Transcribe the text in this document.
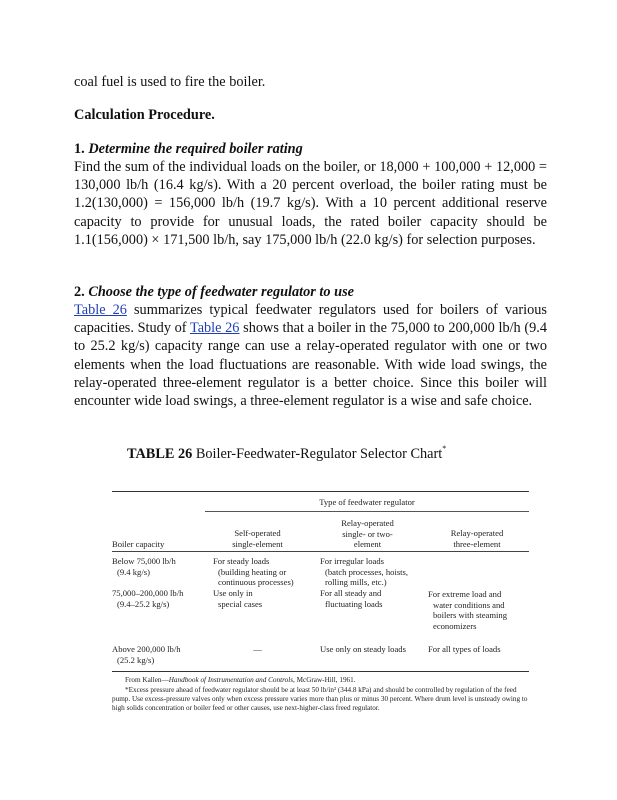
coal fuel is used to fire the boiler.

Calculation Procedure.

1. Determine the required boiler rating

Find the sum of the individual loads on the boiler, or 18,000 + 100,000 + 12,000 = 130,000 lb/h (16.4 kg/s). With a 20 percent overload, the boiler rating must be 1.2(130,000) = 156,000 lb/h (19.7 kg/s). With a 10 percent additional reserve capacity to provide for unusual loads, the rated boiler capacity should be 1.1(156,000) × 171,500 lb/h, say 175,000 lb/h (22.0 kg/s) for selection purposes.

2. Choose the type of feedwater regulator to use

Table 26 summarizes typical feedwater regulators used for boilers of various capacities. Study of Table 26 shows that a boiler in the 75,000 to 200,000 lb/h (9.4 to 25.2 kg/s) capacity range can use a relay-operated regulator with one or two elements when the load fluctuations are reasonable. With wide load swings, the relay-operated three-element regulator is a better choice. Since this boiler will encounter wide load swings, a three-element regulator is a wise and safe choice.

TABLE 26 Boiler-Feedwater-Regulator Selector Chart*
Type of feedwater regulator
Boiler capacity
Self-operated
single-element
Relay-operated
single- or two-
element
Relay-operated
three-element
Below 75,000 lb/h
(9.4 kg/s)
For steady loads
(building heating or
continuous processes)
For irregular loads
(batch processes, hoists,
rolling mills, etc.)
75,000–200,000 lb/h
(9.4–25.2 kg/s)
Use only in
special cases
For all steady and
fluctuating loads
For extreme load and
water conditions and
boilers with steaming
economizers
Above 200,000 lb/h
(25.2 kg/s)
—	Use only on steady loads	For all types of loads
From Kallen—Handbook of Instrumentation and Controls, McGraw-Hill, 1961.
*Excess pressure ahead of feedwater regulator should be at least 50 lb/in² (344.8 kPa) and should be controlled by regulation of the feed pump. Use excess-pressure valves only when excess pressure varies more than plus or minus 30 percent. Where drum level is unsteady owing to high solids concentration or boiler feed or other causes, use next-higher-class freed regulator.
